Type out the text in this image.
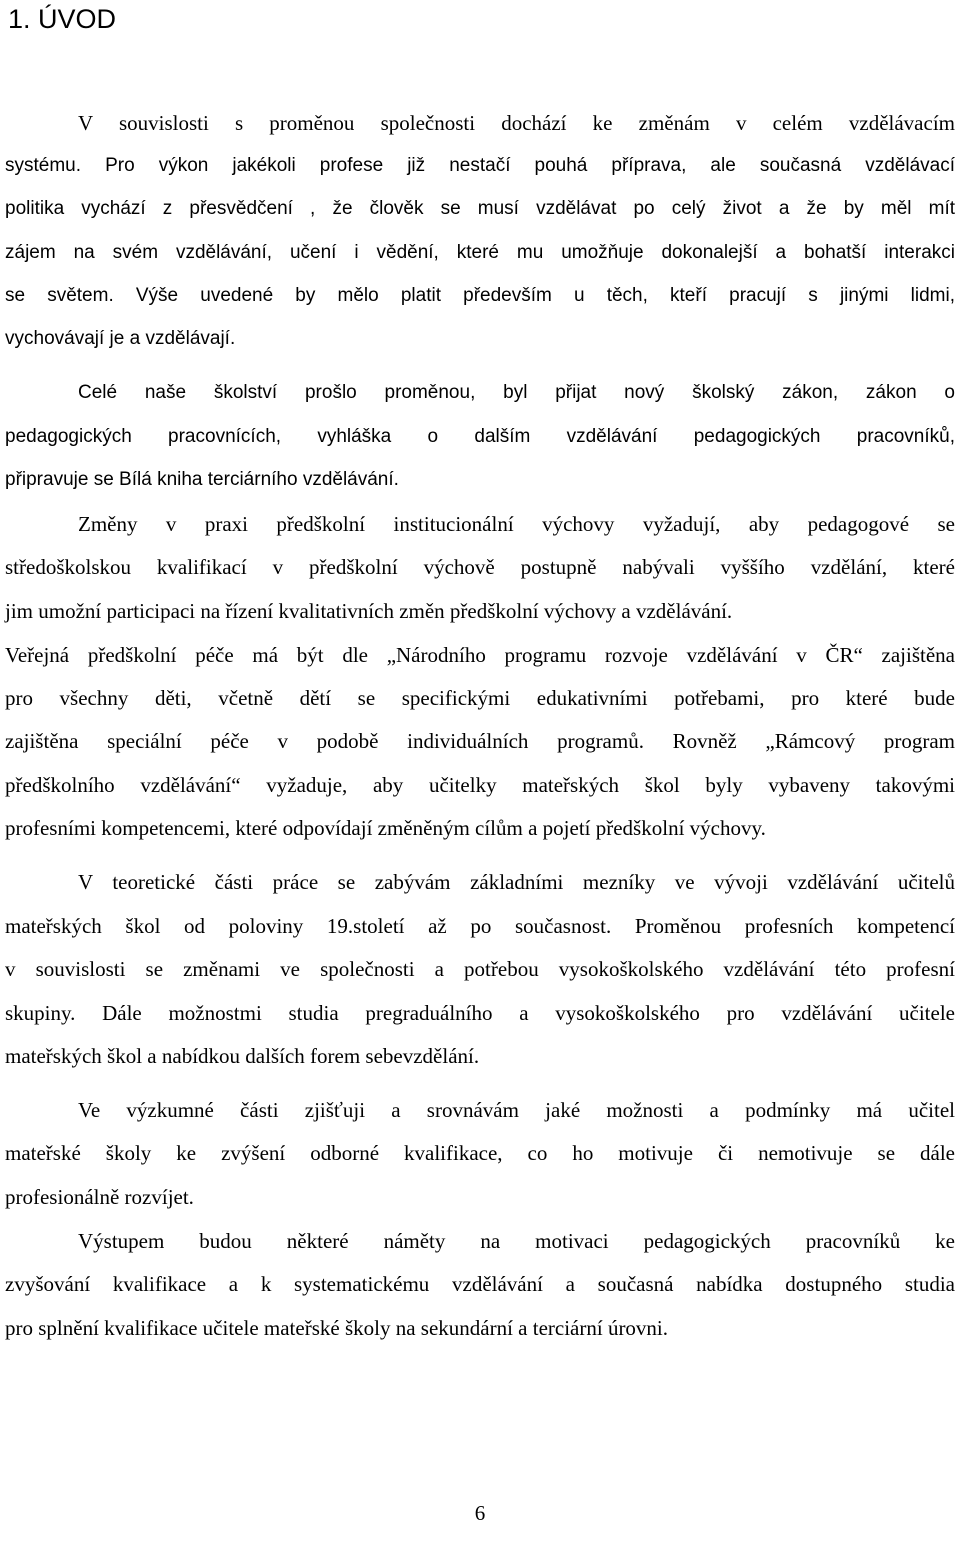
1. ÚVOD
V souvislosti s proměnou společnosti dochází ke změnám v celém vzdělávacím
systému. Pro výkon jakékoli profese již nestačí pouhá příprava, ale současná vzdělávací
politika vychází z přesvědčení , že člověk se musí vzdělávat po celý život a že by měl mít
zájem na svém vzdělávání, učení i vědění, které mu umožňuje dokonalejší a bohatší interakci
se světem. Výše uvedené by mělo platit především u těch, kteří pracují s jinými lidmi,
vychovávají je a vzdělávají.
Celé naše školství prošlo proměnou, byl přijat nový školský zákon, zákon o
pedagogických pracovnících, vyhláška o dalším vzdělávání pedagogických pracovníků,
připravuje se Bílá kniha terciárního vzdělávání.
Změny v praxi předškolní institucionální výchovy vyžadují, aby pedagogové se
středoškolskou kvalifikací v předškolní výchově postupně nabývali vyššího vzdělání, které
jim umožní participaci na řízení kvalitativních změn předškolní výchovy a vzdělávání.
Veřejná předškolní péče má být dle „Národního programu rozvoje vzdělávání v ČR“ zajištěna
pro všechny děti, včetně dětí se specifickými edukativními potřebami, pro které bude
zajištěna speciální péče v podobě individuálních programů. Rovněž „Rámcový program
předškolního vzdělávání“ vyžaduje, aby učitelky mateřských škol byly vybaveny takovými
profesními kompetencemi, které odpovídají změněným cílům a pojetí předškolní výchovy.
V teoretické části práce se zabývám základními mezníky ve vývoji vzdělávání učitelů
mateřských škol od poloviny 19.století až po současnost. Proměnou profesních kompetencí
v souvislosti se změnami ve společnosti a potřebou vysokoškolského vzdělávání této profesní
skupiny. Dále možnostmi studia pregraduálního a vysokoškolského pro vzdělávání učitele
mateřských škol a nabídkou dalších forem sebevzdělání.
Ve výzkumné části zjišťuji a srovnávám jaké možnosti a podmínky má učitel
mateřské školy ke zvýšení odborné kvalifikace, co ho motivuje či nemotivuje se dále
profesionálně rozvíjet.
Výstupem budou některé náměty na motivaci pedagogických pracovníků ke
zvyšování kvalifikace a k systematickému vzdělávání a současná nabídka dostupného studia
pro splnění kvalifikace učitele mateřské školy na sekundární a terciární úrovni.
6
